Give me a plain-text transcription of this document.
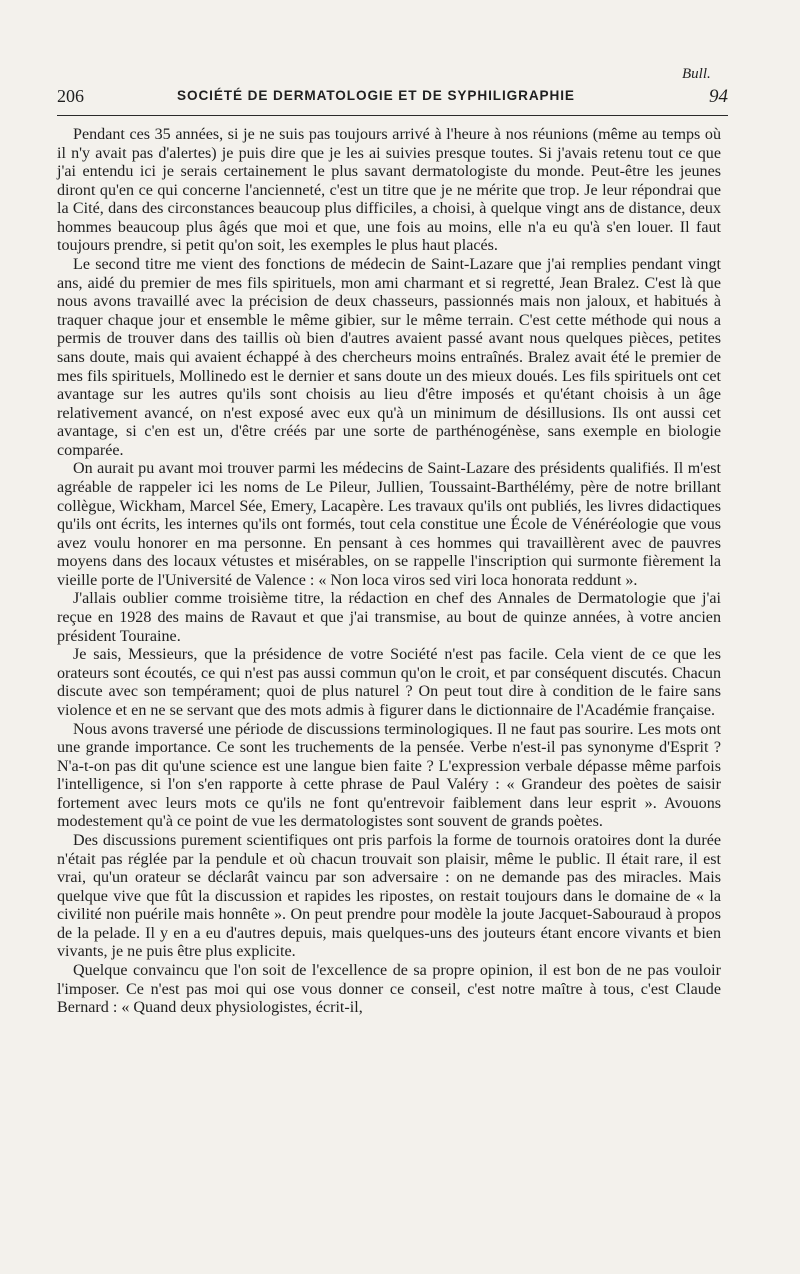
Bull.
206	SOCIÉTÉ DE DERMATOLOGIE ET DE SYPHILIGRAPHIE	94

Pendant ces 35 années, si je ne suis pas toujours arrivé à l'heure à nos réunions (même au temps où il n'y avait pas d'alertes) je puis dire que je les ai suivies presque toutes. Si j'avais retenu tout ce que j'ai entendu ici je serais certainement le plus savant dermatologiste du monde. Peut-être les jeunes diront qu'en ce qui concerne l'ancienneté, c'est un titre que je ne mérite que trop. Je leur répondrai que la Cité, dans des circonstances beaucoup plus difficiles, a choisi, à quelque vingt ans de distance, deux hommes beaucoup plus âgés que moi et que, une fois au moins, elle n'a eu qu'à s'en louer. Il faut toujours prendre, si petit qu'on soit, les exemples le plus haut placés.

Le second titre me vient des fonctions de médecin de Saint-Lazare que j'ai remplies pendant vingt ans, aidé du premier de mes fils spirituels, mon ami charmant et si regretté, Jean Bralez. C'est là que nous avons travaillé avec la précision de deux chasseurs, passionnés mais non jaloux, et habitués à traquer chaque jour et ensemble le même gibier, sur le même terrain. C'est cette méthode qui nous a permis de trouver dans des taillis où bien d'autres avaient passé avant nous quelques pièces, petites sans doute, mais qui avaient échappé à des chercheurs moins entraînés. Bralez avait été le premier de mes fils spirituels, Mollinedo est le dernier et sans doute un des mieux doués. Les fils spirituels ont cet avantage sur les autres qu'ils sont choisis au lieu d'être imposés et qu'étant choisis à un âge relativement avancé, on n'est exposé avec eux qu'à un minimum de désillusions. Ils ont aussi cet avantage, si c'en est un, d'être créés par une sorte de parthénogénèse, sans exemple en biologie comparée.

On aurait pu avant moi trouver parmi les médecins de Saint-Lazare des présidents qualifiés. Il m'est agréable de rappeler ici les noms de Le Pileur, Jullien, Toussaint-Barthélémy, père de notre brillant collègue, Wickham, Marcel Sée, Emery, Lacapère. Les travaux qu'ils ont publiés, les livres didactiques qu'ils ont écrits, les internes qu'ils ont formés, tout cela constitue une École de Vénéréologie que vous avez voulu honorer en ma personne. En pensant à ces hommes qui travaillèrent avec de pauvres moyens dans des locaux vétustes et misérables, on se rappelle l'inscription qui surmonte fièrement la vieille porte de l'Université de Valence : « Non loca viros sed viri loca honorata reddunt ».

J'allais oublier comme troisième titre, la rédaction en chef des Annales de Dermatologie que j'ai reçue en 1928 des mains de Ravaut et que j'ai transmise, au bout de quinze années, à votre ancien président Touraine.

Je sais, Messieurs, que la présidence de votre Société n'est pas facile. Cela vient de ce que les orateurs sont écoutés, ce qui n'est pas aussi commun qu'on le croit, et par conséquent discutés. Chacun discute avec son tempérament; quoi de plus naturel ? On peut tout dire à condition de le faire sans violence et en ne se servant que des mots admis à figurer dans le dictionnaire de l'Académie française.

Nous avons traversé une période de discussions terminologiques. Il ne faut pas sourire. Les mots ont une grande importance. Ce sont les truchements de la pensée. Verbe n'est-il pas synonyme d'Esprit ? N'a-t-on pas dit qu'une science est une langue bien faite ? L'expression verbale dépasse même parfois l'intelligence, si l'on s'en rapporte à cette phrase de Paul Valéry : « Grandeur des poètes de saisir fortement avec leurs mots ce qu'ils ne font qu'entrevoir faiblement dans leur esprit ». Avouons modestement qu'à ce point de vue les dermatologistes sont souvent de grands poètes.

Des discussions purement scientifiques ont pris parfois la forme de tournois oratoires dont la durée n'était pas réglée par la pendule et où chacun trouvait son plaisir, même le public. Il était rare, il est vrai, qu'un orateur se déclarât vaincu par son adversaire : on ne demande pas des miracles. Mais quelque vive que fût la discussion et rapides les ripostes, on restait toujours dans le domaine de « la civilité non puérile mais honnête ». On peut prendre pour modèle la joute Jacquet-Sabouraud à propos de la pelade. Il y en a eu d'autres depuis, mais quelques-uns des jouteurs étant encore vivants et bien vivants, je ne puis être plus explicite.

Quelque convaincu que l'on soit de l'excellence de sa propre opinion, il est bon de ne pas vouloir l'imposer. Ce n'est pas moi qui ose vous donner ce conseil, c'est notre maître à tous, c'est Claude Bernard : « Quand deux physiologistes, écrit-il,
